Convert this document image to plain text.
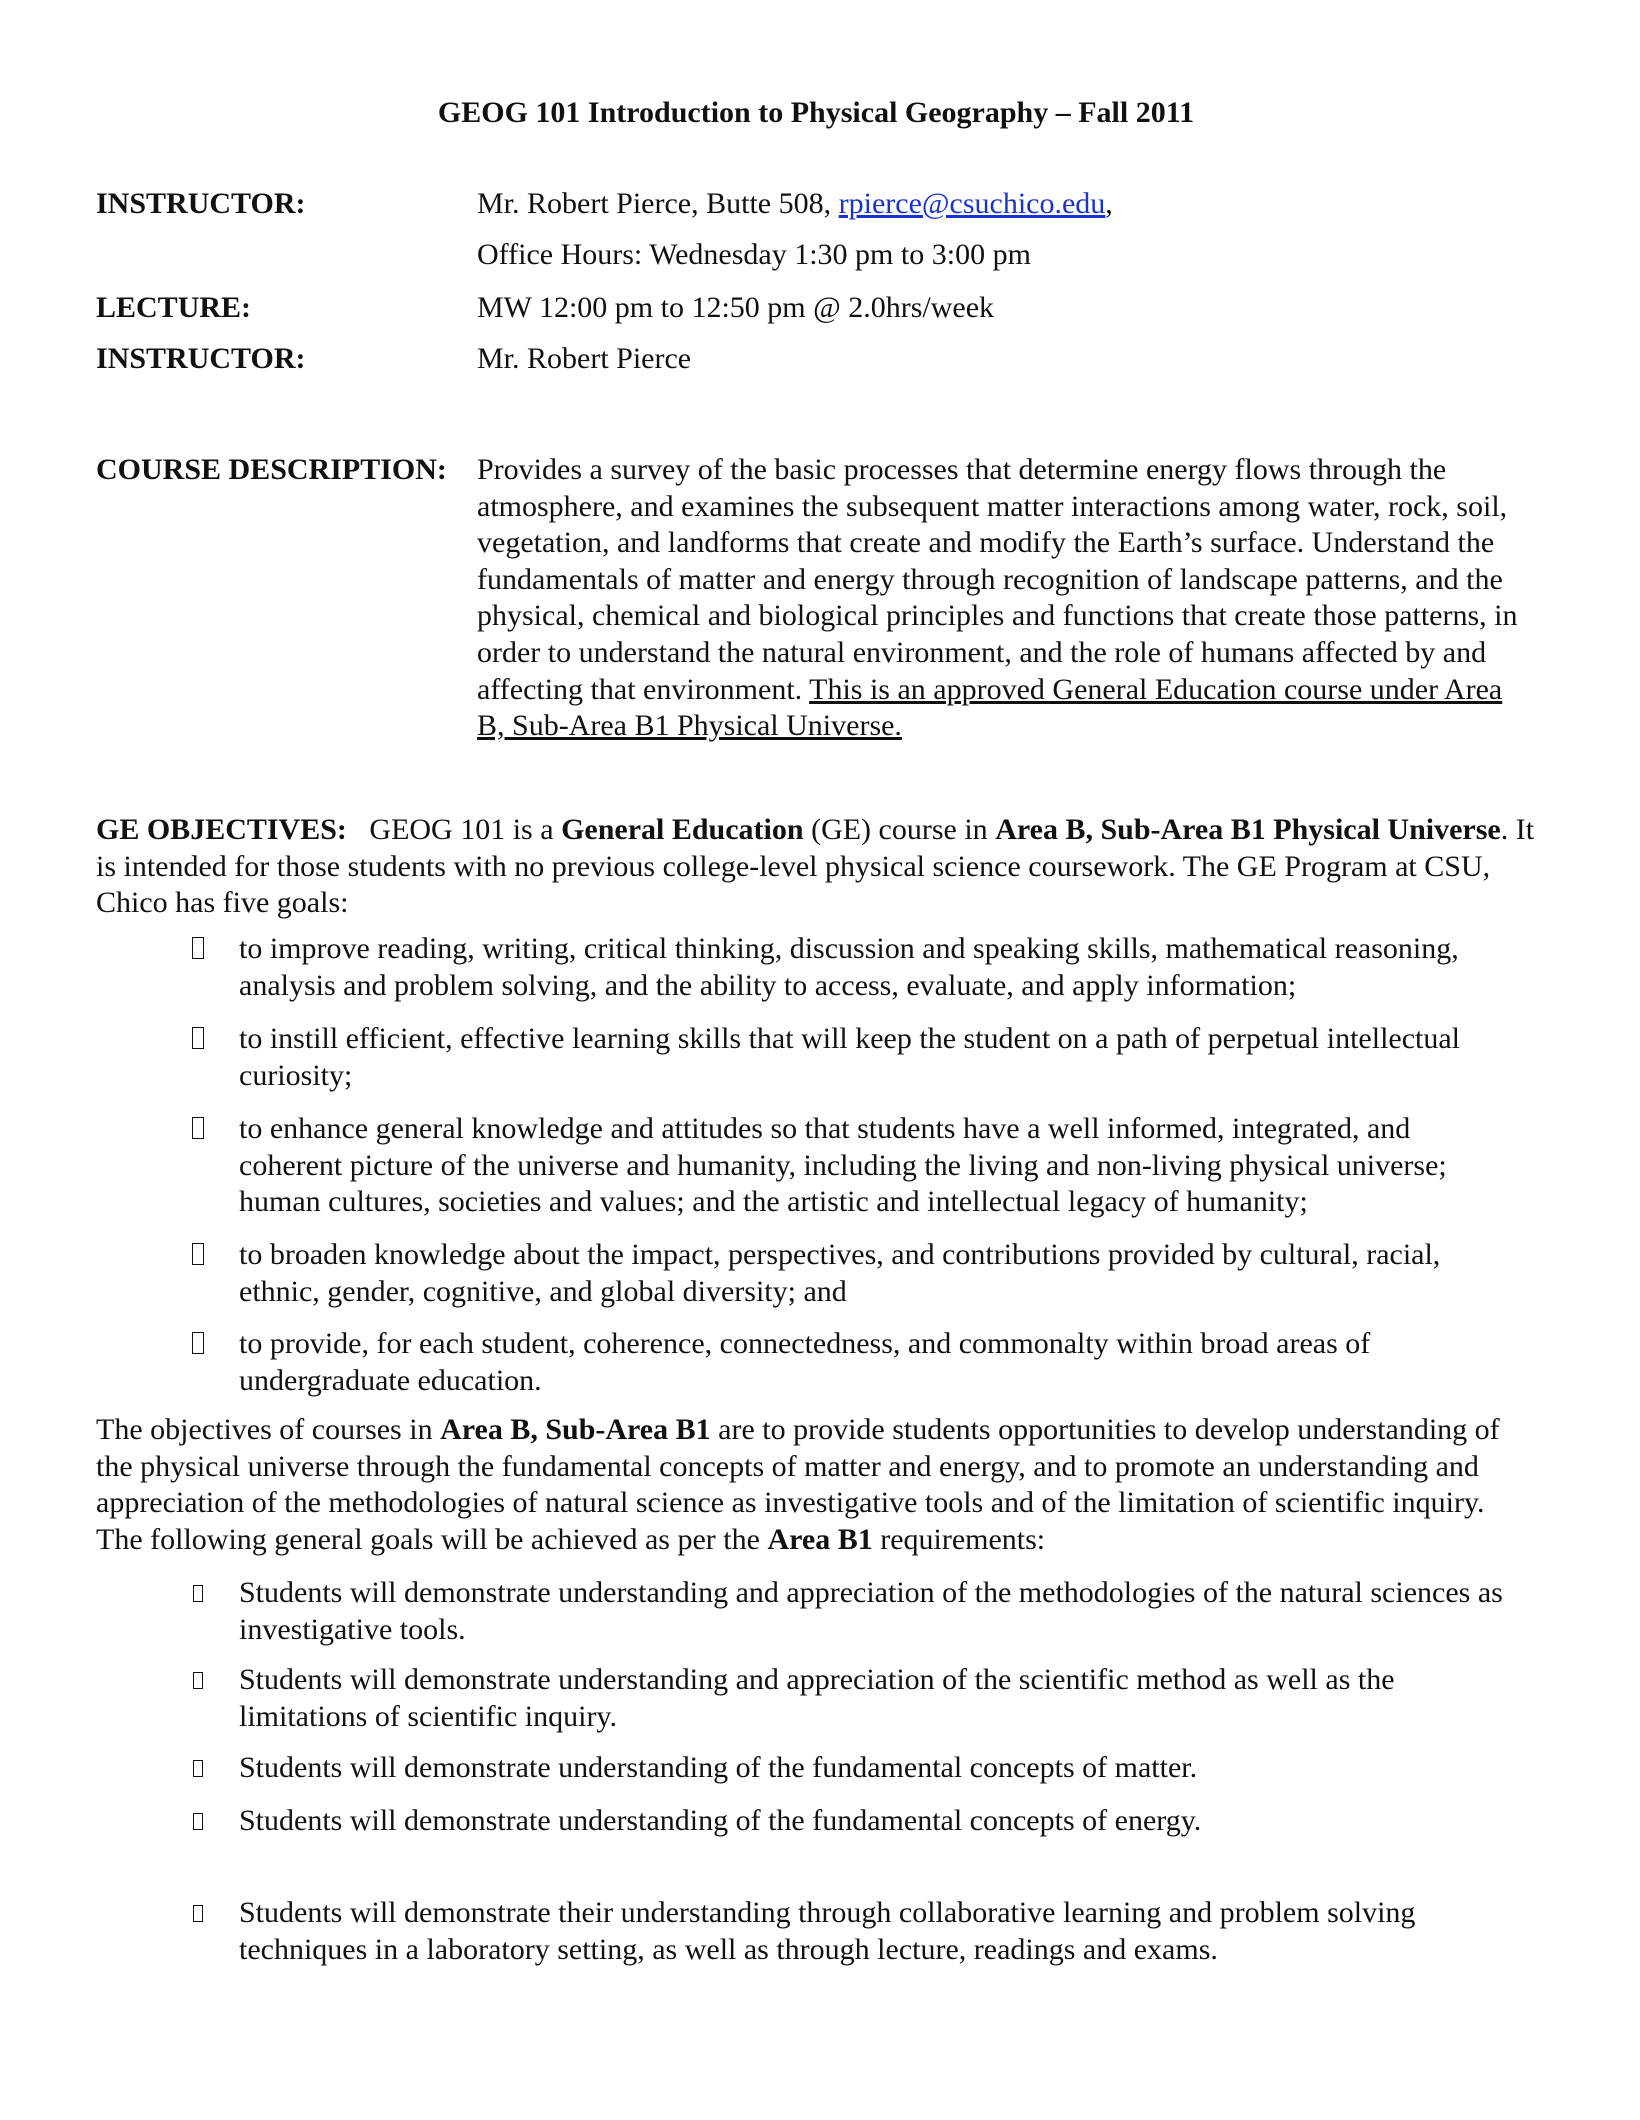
GEOG 101 Introduction to Physical Geography – Fall 2011
INSTRUCTOR:	Mr. Robert Pierce, Butte 508, rpierce@csuchico.edu,
Office Hours: Wednesday 1:30 pm to 3:00 pm
LECTURE:	MW 12:00 pm to 12:50 pm @ 2.0hrs/week
INSTRUCTOR:	Mr. Robert Pierce
COURSE DESCRIPTION: Provides a survey of the basic processes that determine energy flows through the atmosphere, and examines the subsequent matter interactions among water, rock, soil, vegetation, and landforms that create and modify the Earth’s surface. Understand the fundamentals of matter and energy through recognition of landscape patterns, and the physical, chemical and biological principles and functions that create those patterns, in order to understand the natural environment, and the role of humans affected by and affecting that environment. This is an approved General Education course under Area B, Sub-Area B1 Physical Universe.
GE OBJECTIVES: GEOG 101 is a General Education (GE) course in Area B, Sub-Area B1 Physical Universe. It is intended for those students with no previous college-level physical science coursework. The GE Program at CSU, Chico has five goals:
to improve reading, writing, critical thinking, discussion and speaking skills, mathematical reasoning, analysis and problem solving, and the ability to access, evaluate, and apply information;
to instill efficient, effective learning skills that will keep the student on a path of perpetual intellectual curiosity;
to enhance general knowledge and attitudes so that students have a well informed, integrated, and coherent picture of the universe and humanity, including the living and non-living physical universe; human cultures, societies and values; and the artistic and intellectual legacy of humanity;
to broaden knowledge about the impact, perspectives, and contributions provided by cultural, racial, ethnic, gender, cognitive, and global diversity; and
to provide, for each student, coherence, connectedness, and commonalty within broad areas of undergraduate education.
The objectives of courses in Area B, Sub-Area B1 are to provide students opportunities to develop understanding of the physical universe through the fundamental concepts of matter and energy, and to promote an understanding and appreciation of the methodologies of natural science as investigative tools and of the limitation of scientific inquiry. The following general goals will be achieved as per the Area B1 requirements:
Students will demonstrate understanding and appreciation of the methodologies of the natural sciences as investigative tools.
Students will demonstrate understanding and appreciation of the scientific method as well as the limitations of scientific inquiry.
Students will demonstrate understanding of the fundamental concepts of matter.
Students will demonstrate understanding of the fundamental concepts of energy.
Students will demonstrate their understanding through collaborative learning and problem solving techniques in a laboratory setting, as well as through lecture, readings and exams.
